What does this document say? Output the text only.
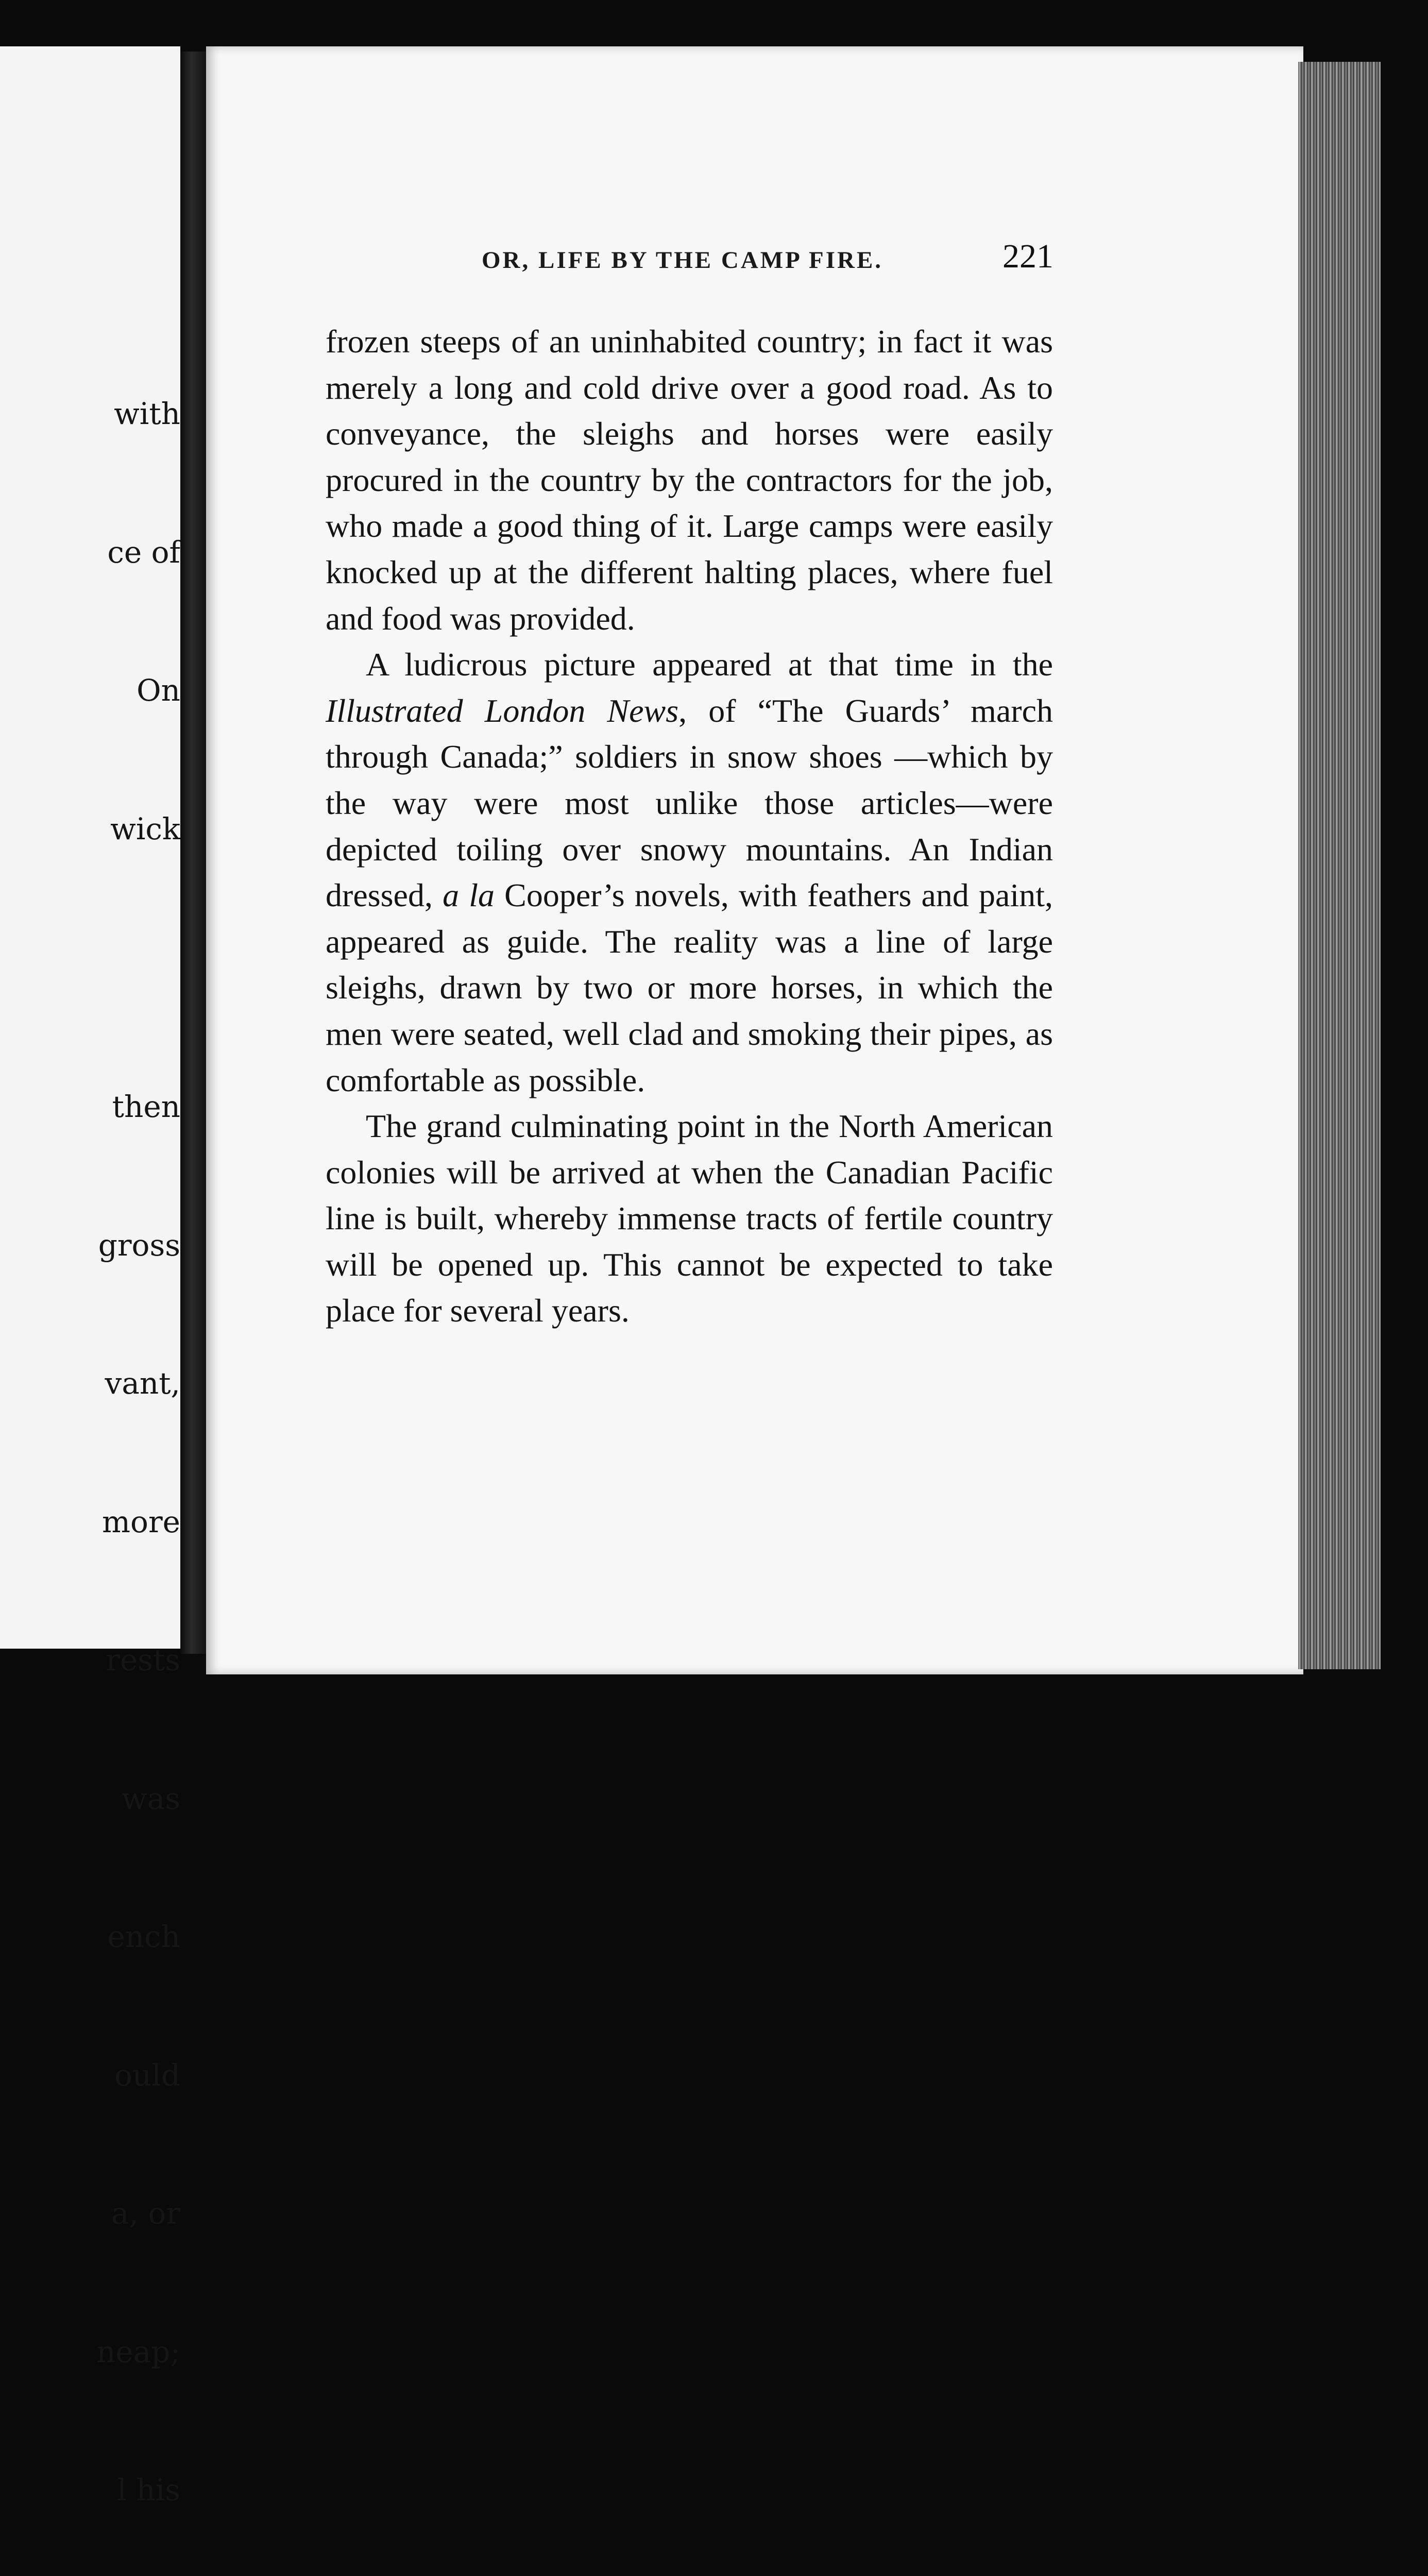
with

ce of

On

wick

then

gross

vant,

more

rests

was

ench

ould

a, or

neap;

l his

OR, LIFE BY THE CAMP FIRE.	221

frozen steeps of an uninhabited country; in fact it was merely a long and cold drive over a good road. As to conveyance, the sleighs and horses were easily procured in the country by the contractors for the job, who made a good thing of it. Large camps were easily knocked up at the different halting places, where fuel and food was provided.

A ludicrous picture appeared at that time in the Illustrated London News, of “The Guards’ march through Canada;” soldiers in snow shoes —which by the way were most unlike those articles—were depicted toiling over snowy mountains. An Indian dressed, a la Cooper’s novels, with feathers and paint, appeared as guide. The reality was a line of large sleighs, drawn by two or more horses, in which the men were seated, well clad and smoking their pipes, as comfortable as possible.

The grand culminating point in the North American colonies will be arrived at when the Canadian Pacific line is built, whereby immense tracts of fertile country will be opened up. This cannot be expected to take place for several years.
